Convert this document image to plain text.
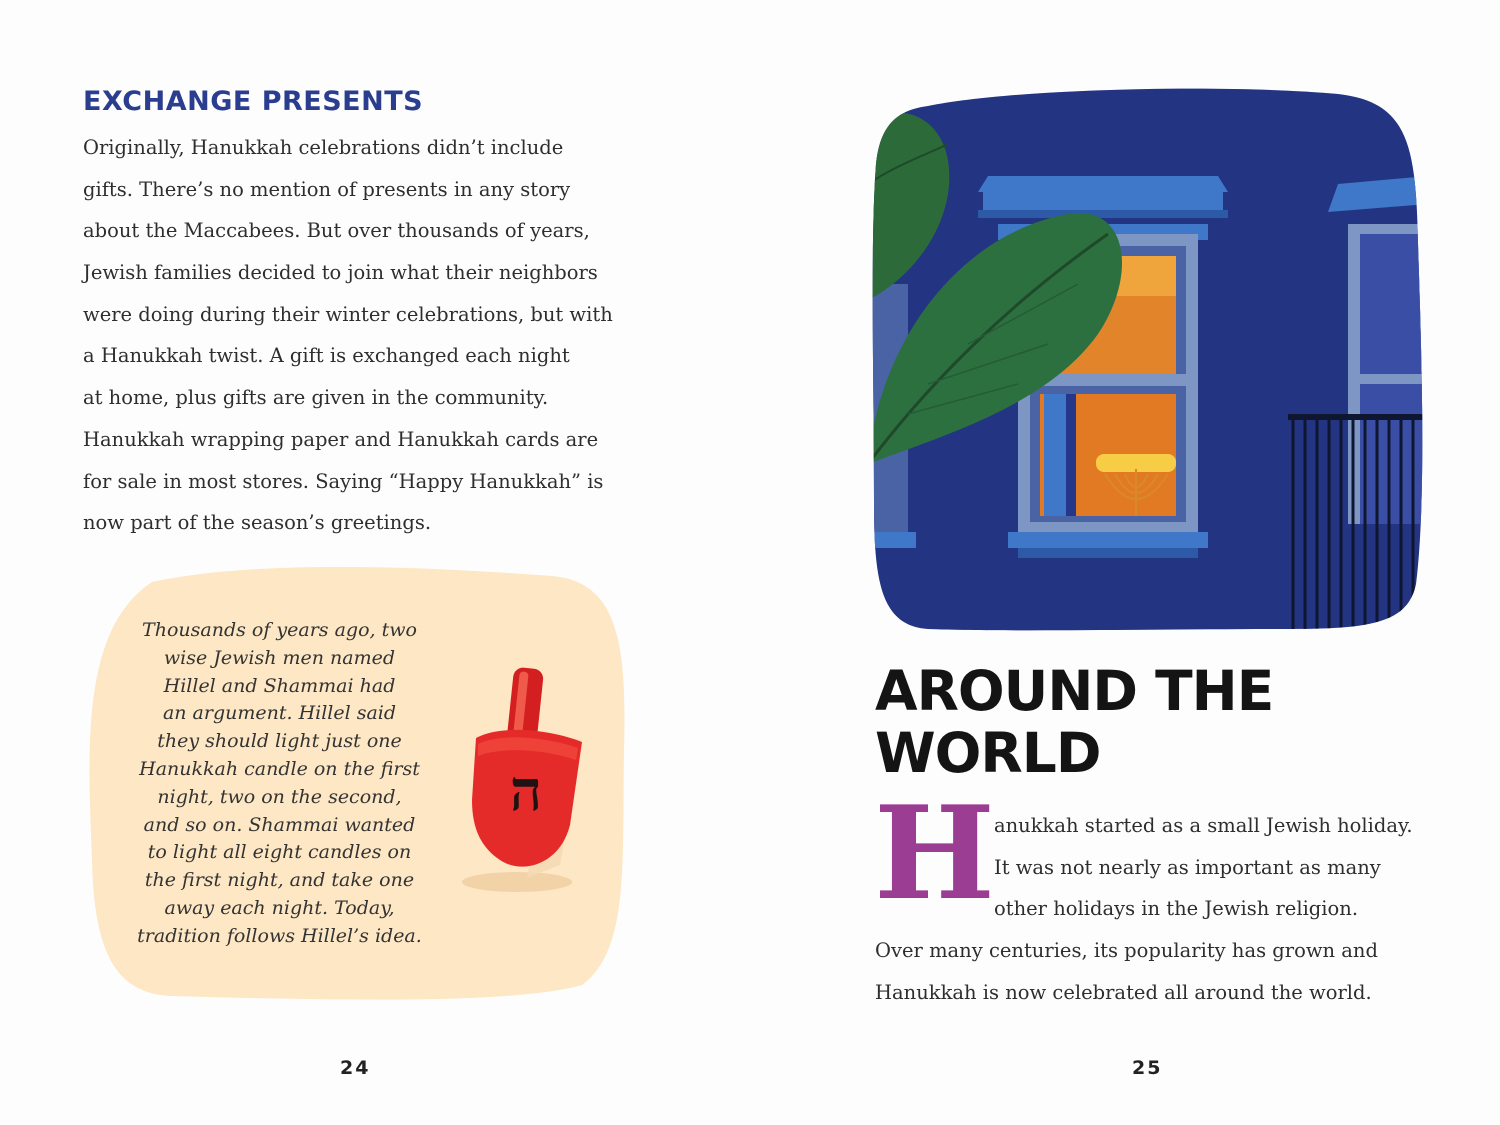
EXCHANGE PRESENTS
Originally, Hanukkah celebrations didn’t include
gifts. There’s no mention of presents in any story
about the Maccabees. But over thousands of years,
Jewish families decided to join what their neighbors
were doing during their winter celebrations, but with
a Hanukkah twist. A gift is exchanged each night
at home, plus gifts are given in the community.
Hanukkah wrapping paper and Hanukkah cards are
for sale in most stores. Saying “Happy Hanukkah” is
now part of the season’s greetings.
Thousands of years ago, two
wise Jewish men named
Hillel and Shammai had
an argument. Hillel said
they should light just one
Hanukkah candle on the first
night, two on the second,
and so on. Shammai wanted
to light all eight candles on
the first night, and take one
away each night. Today,
tradition follows Hillel’s idea.
ה

24

AROUND THE
WORLD
H anukkah started as a small Jewish holiday.
It was not nearly as important as many
other holidays in the Jewish religion.
Over many centuries, its popularity has grown and
Hanukkah is now celebrated all around the world.

25
